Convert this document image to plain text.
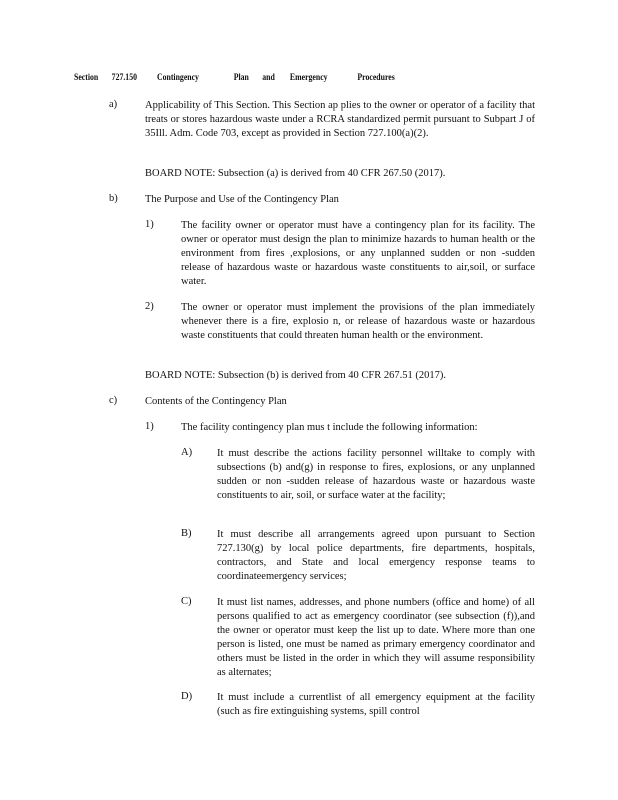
Section 727.150 Contingency	Plan and Emergency	Procedures
a)	Applicability of This Section. This Section ap plies to the owner or operator of a facility that treats or stores hazardous waste under a RCRA standardized permit pursuant to Subpart J of 35Ill. Adm. Code 703, except as provided in Section 727.100(a)(2).
BOARD NOTE: Subsection (a) is derived from 40 CFR 267.50 (2017).
b)	The Purpose and Use of the Contingency Plan
1)	The facility owner or operator must have a contingency plan for its facility. The owner or operator must design the plan to minimize hazards to human health or the environment from fires ,explosions, or any unplanned sudden or non -sudden release of hazardous waste or hazardous waste constituents to air,soil, or surface water.
2)	The owner or operator must implement the provisions of the plan immediately whenever there is a fire, explosio n, or release of hazardous waste or hazardous waste constituents that could threaten human health or the environment.
BOARD NOTE: Subsection (b) is derived from 40 CFR 267.51 (2017).
c)	Contents of the Contingency Plan
1)	The facility contingency plan mus t include the following information:
A) It must describe the actions facility personnel willtake to comply with subsections (b) and(g) in response to fires, explosions, or any unplanned sudden or non -sudden release of hazardous waste or hazardous waste constituents to air, soil, or surface water at the facility;
B) It must describe all arrangements agreed upon pursuant to Section 727.130(g) by local police departments, fire departments, hospitals, contractors, and State and local emergency response teams to coordinateemergency services;
C) It must list names, addresses, and phone numbers (office and home) of all persons qualified to act as emergency coordinator (see subsection (f)),and the owner or operator must keep the list up to date. Where more than one person is listed, one must be named as primary emergency coordinator and others must be listed in the order in which they will assume responsibility as alternates;
D) It must include a currentlist of all emergency equipment at the facility (such as fire extinguishing systems, spill control
